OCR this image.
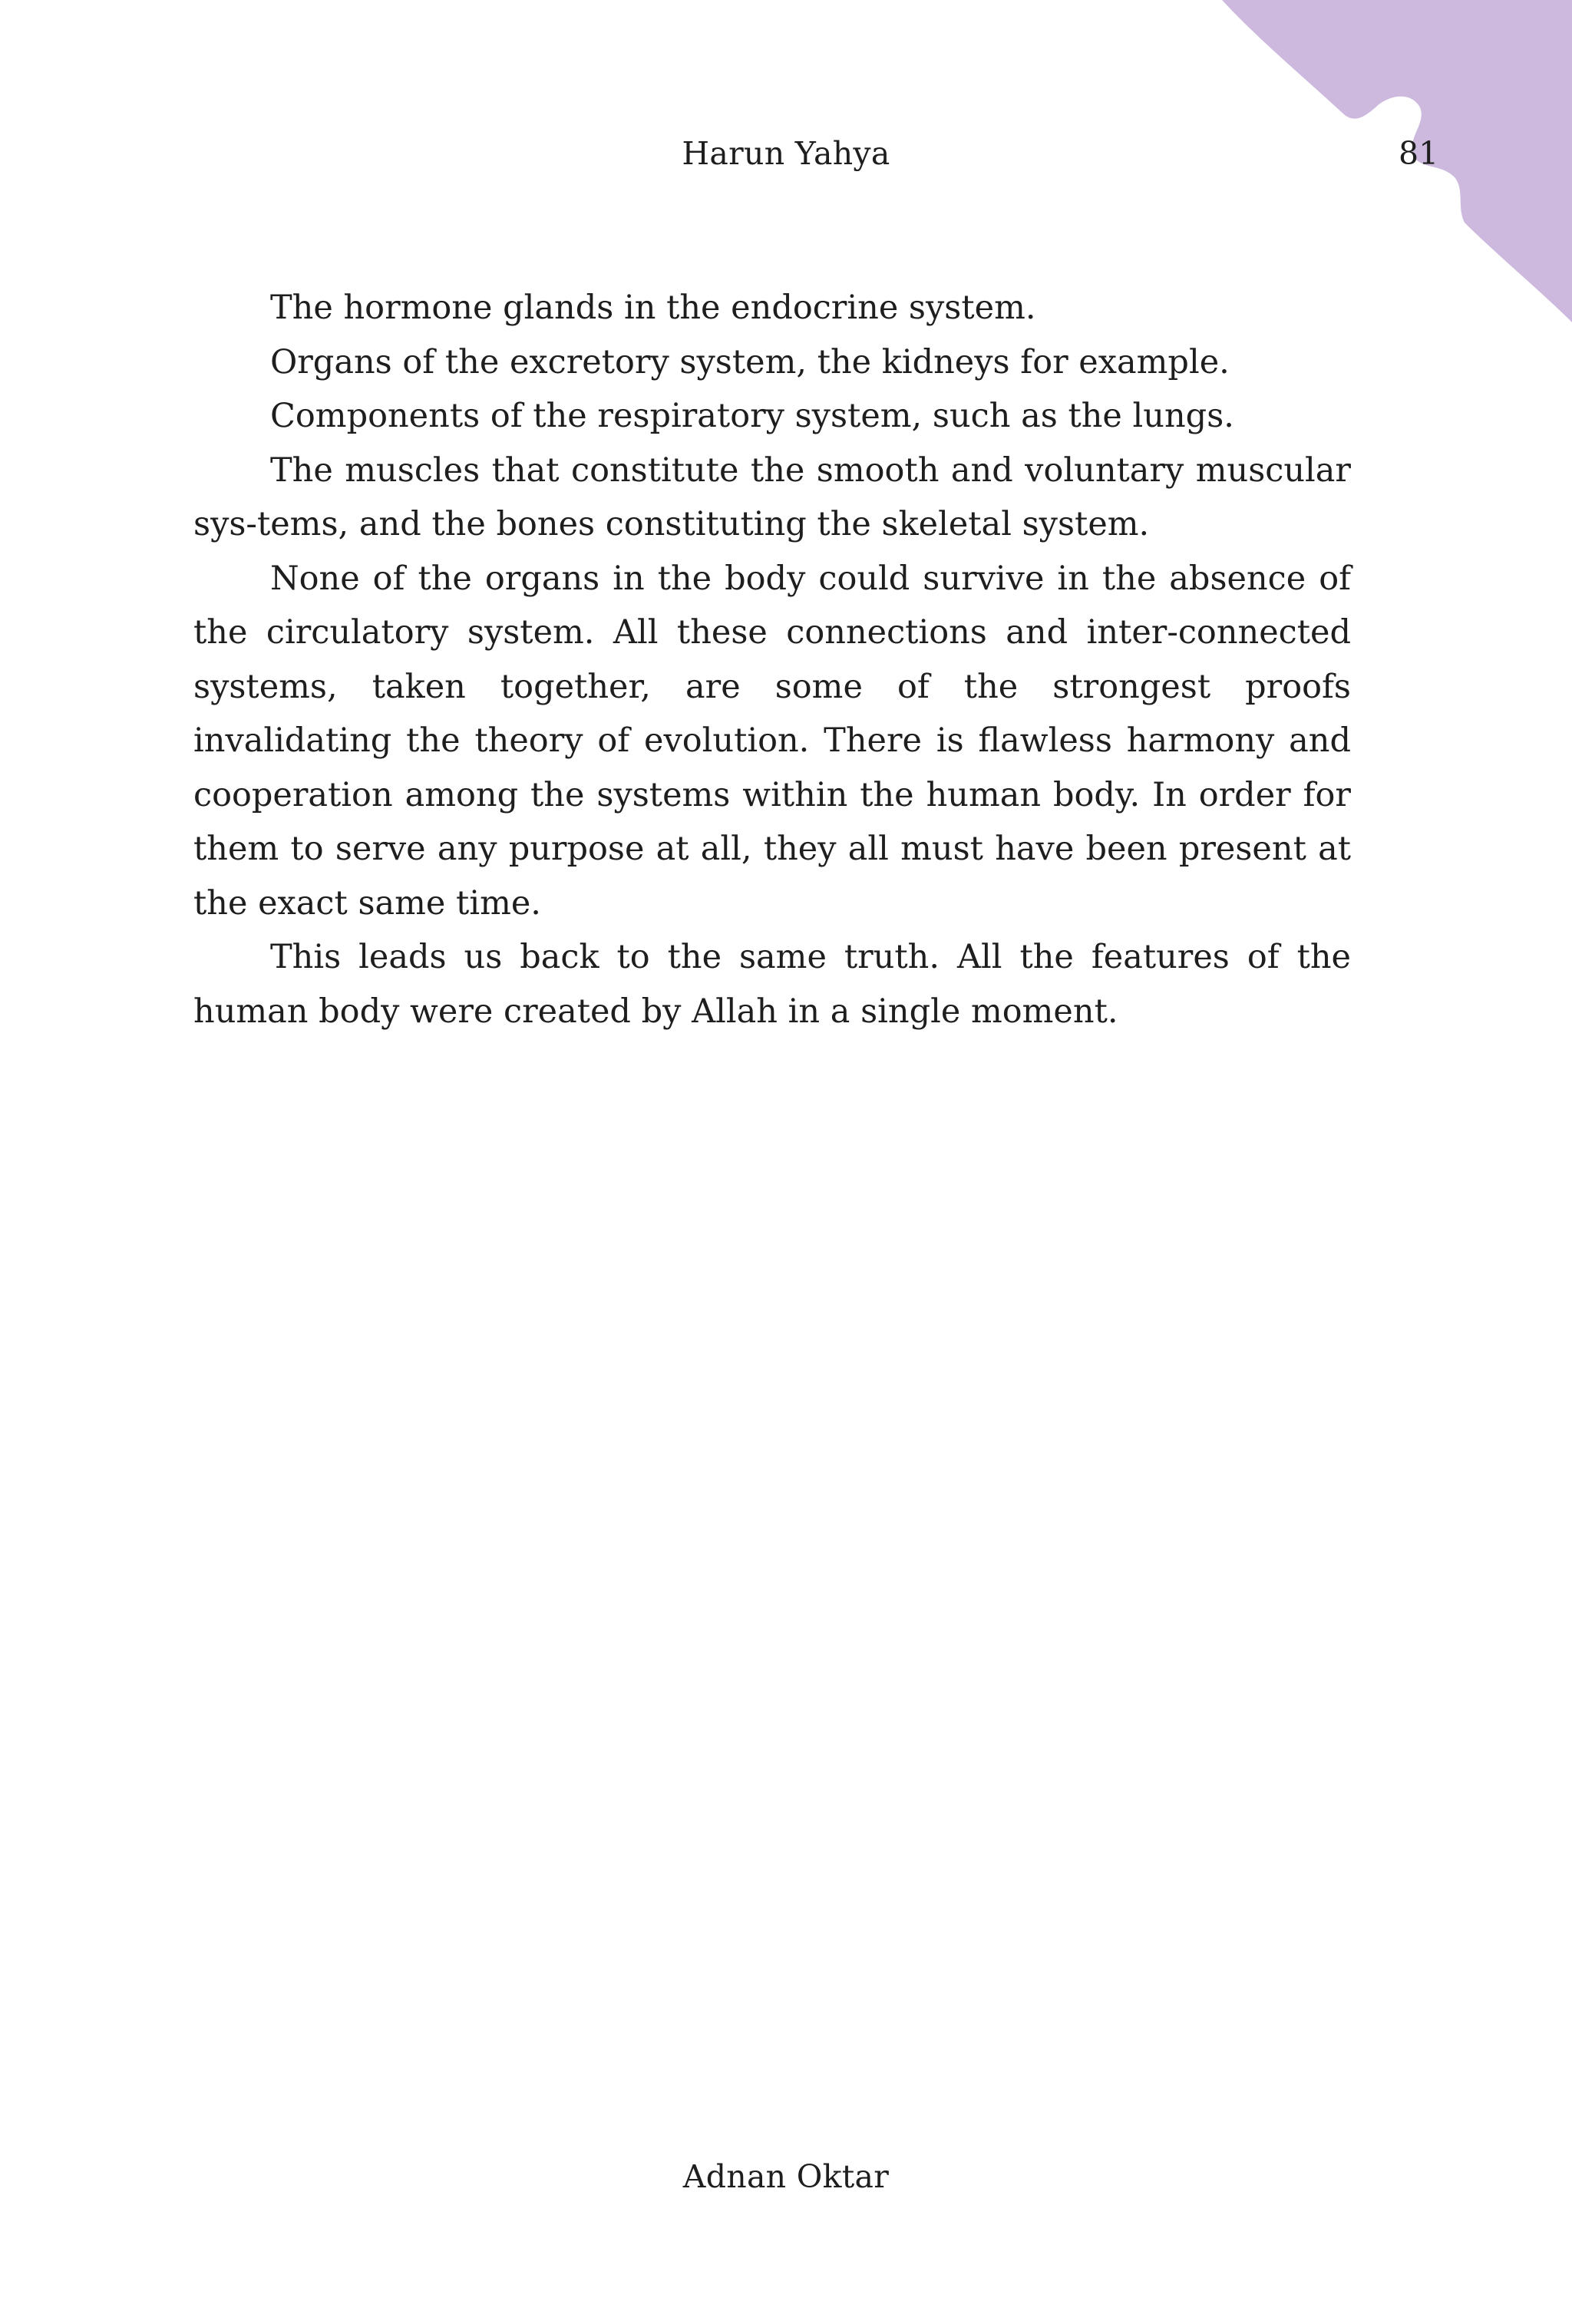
Harun Yahya	81

The hormone glands in the endocrine system.

Organs of the excretory system, the kidneys for example.

Components of the respiratory system, such as the lungs.

The muscles that constitute the smooth and voluntary muscular sys-tems, and the bones constituting the skeletal system.

None of the organs in the body could survive in the absence of the circulatory system. All these connections and inter-connected systems, taken together, are some of the strongest proofs invalidating the theory of evolution. There is flawless harmony and cooperation among the systems within the human body. In order for them to serve any purpose at all, they all must have been present at the exact same time.

This leads us back to the same truth. All the features of the human body were created by Allah in a single moment.

Adnan Oktar
